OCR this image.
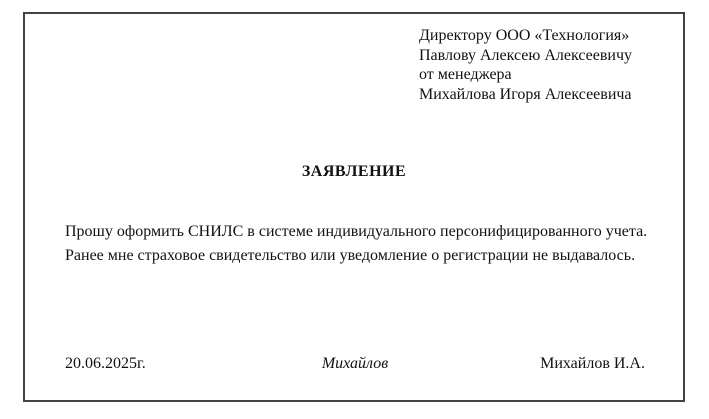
Директору ООО «Технология»
Павлову Алексею Алексеевичу
от менеджера
Михайлова Игоря Алексеевича
ЗАЯВЛЕНИЕ
Прошу оформить СНИЛС в системе индивидуального персонифицированного учета. Ранее мне страховое свидетельство или уведомление о регистрации не выдавалось.
20.06.2025г.	Михайлов	Михайлов И.А.
